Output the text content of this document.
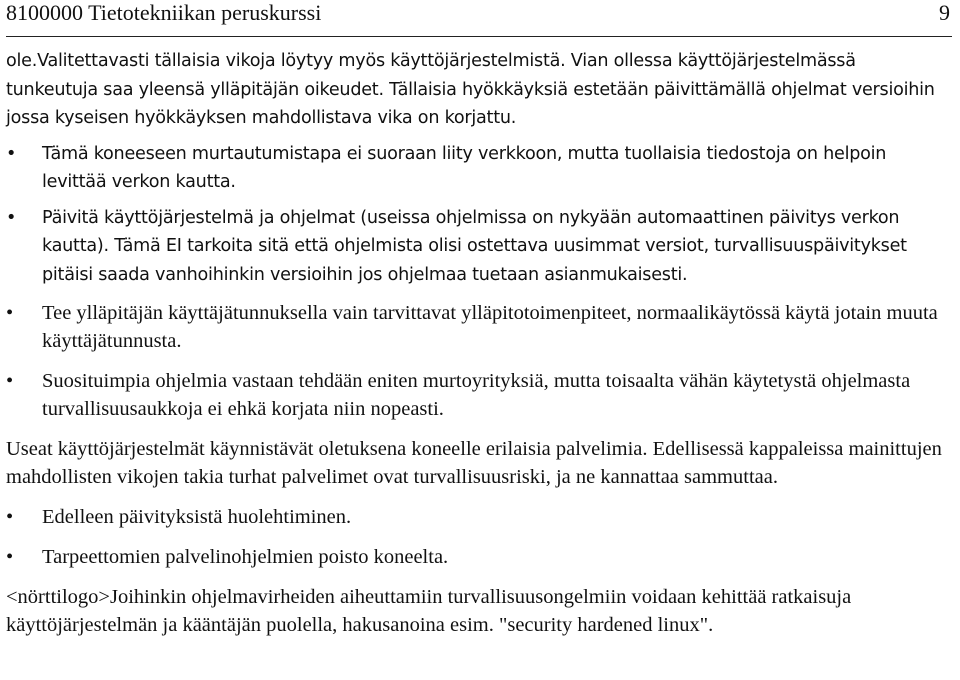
8100000 Tietotekniikan peruskurssi	9

ole.Valitettavasti tällaisia vikoja löytyy myös käyttöjärjestelmistä. Vian ollessa käyttöjärjestelmässä tunkeutuja saa yleensä ylläpitäjän oikeudet. Tällaisia hyökkäyksiä estetään päivittämällä ohjelmat versioihin jossa kyseisen hyökkäyksen mahdollistava vika on korjattu.

•	Tämä koneeseen murtautumistapa ei suoraan liity verkkoon, mutta tuollaisia tiedostoja on helpoin levittää verkon kautta.
•	Päivitä käyttöjärjestelmä ja ohjelmat (useissa ohjelmissa on nykyään automaattinen päivitys verkon kautta). Tämä EI tarkoita sitä että ohjelmista olisi ostettava uusimmat versiot, turvallisuuspäivitykset pitäisi saada vanhoihinkin versioihin jos ohjelmaa tuetaan asianmukaisesti.
•	Tee ylläpitäjän käyttäjätunnuksella vain tarvittavat ylläpitotoimenpiteet, normaalikäytössä käytä jotain muuta käyttäjätunnusta.
•	Suosituimpia ohjelmia vastaan tehdään eniten murtoyrityksiä, mutta toisaalta vähän käytetystä ohjelmasta turvallisuusaukkoja ei ehkä korjata niin nopeasti.

Useat käyttöjärjestelmät käynnistävät oletuksena koneelle erilaisia palvelimia. Edellisessä kappaleissa mainittujen mahdollisten vikojen takia turhat palvelimet ovat turvallisuusriski, ja ne kannattaa sammuttaa.

•	Edelleen päivityksistä huolehtiminen.
•	Tarpeettomien palvelinohjelmien poisto koneelta.

<nörttilogo>Joihinkin ohjelmavirheiden aiheuttamiin turvallisuusongelmiin voidaan kehittää ratkaisuja käyttöjärjestelmän ja kääntäjän puolella, hakusanoina esim. "security hardened linux".
